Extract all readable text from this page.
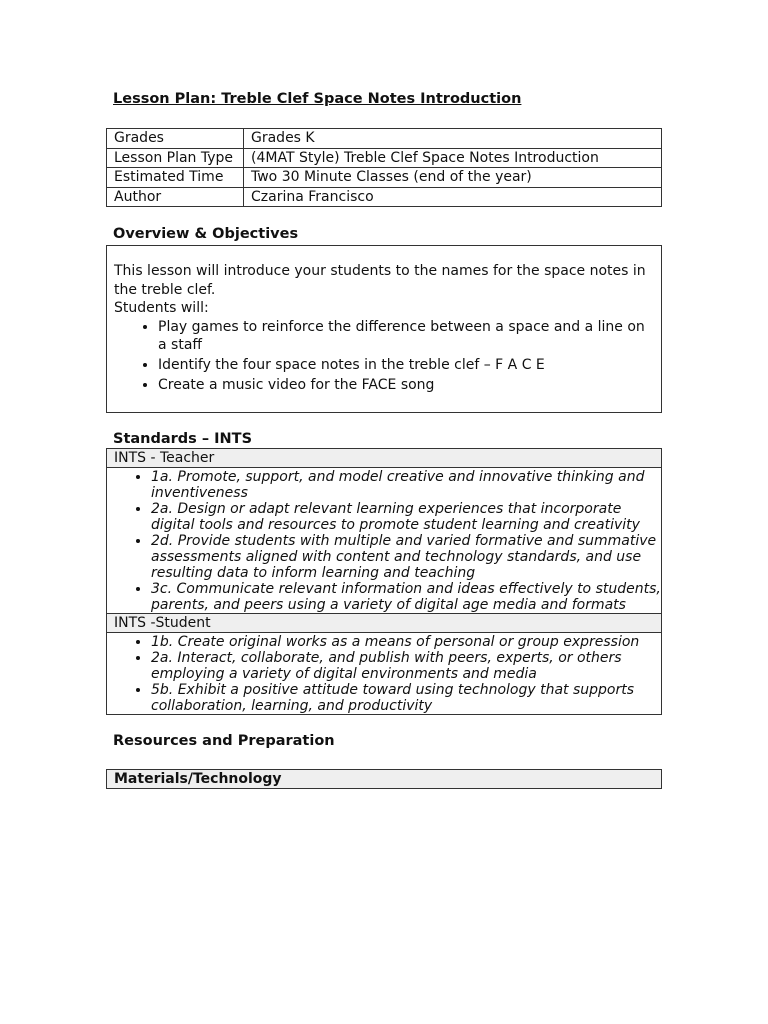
Lesson Plan: Treble Clef Space Notes Introduction

Grades	Grades K
Lesson Plan Type	(4MAT Style) Treble Clef Space Notes Introduction
Estimated Time	Two 30 Minute Classes (end of the year)
Author	Czarina Francisco

Overview & Objectives

This lesson will introduce your students to the names for the space notes in the treble clef.
Students will:
• Play games to reinforce the difference between a space and a line on a staff
• Identify the four space notes in the treble clef – F A C E
• Create a music video for the FACE song

Standards – INTS

INTS - Teacher
• 1a. Promote, support, and model creative and innovative thinking and inventiveness
• 2a. Design or adapt relevant learning experiences that incorporate digital tools and resources to promote student learning and creativity
• 2d. Provide students with multiple and varied formative and summative assessments aligned with content and technology standards, and use resulting data to inform learning and teaching
• 3c. Communicate relevant information and ideas effectively to students, parents, and peers using a variety of digital age media and formats
INTS -Student
• 1b. Create original works as a means of personal or group expression
• 2a. Interact, collaborate, and publish with peers, experts, or others employing a variety of digital environments and media
• 5b. Exhibit a positive attitude toward using technology that supports collaboration, learning, and productivity

Resources and Preparation

Materials/Technology
